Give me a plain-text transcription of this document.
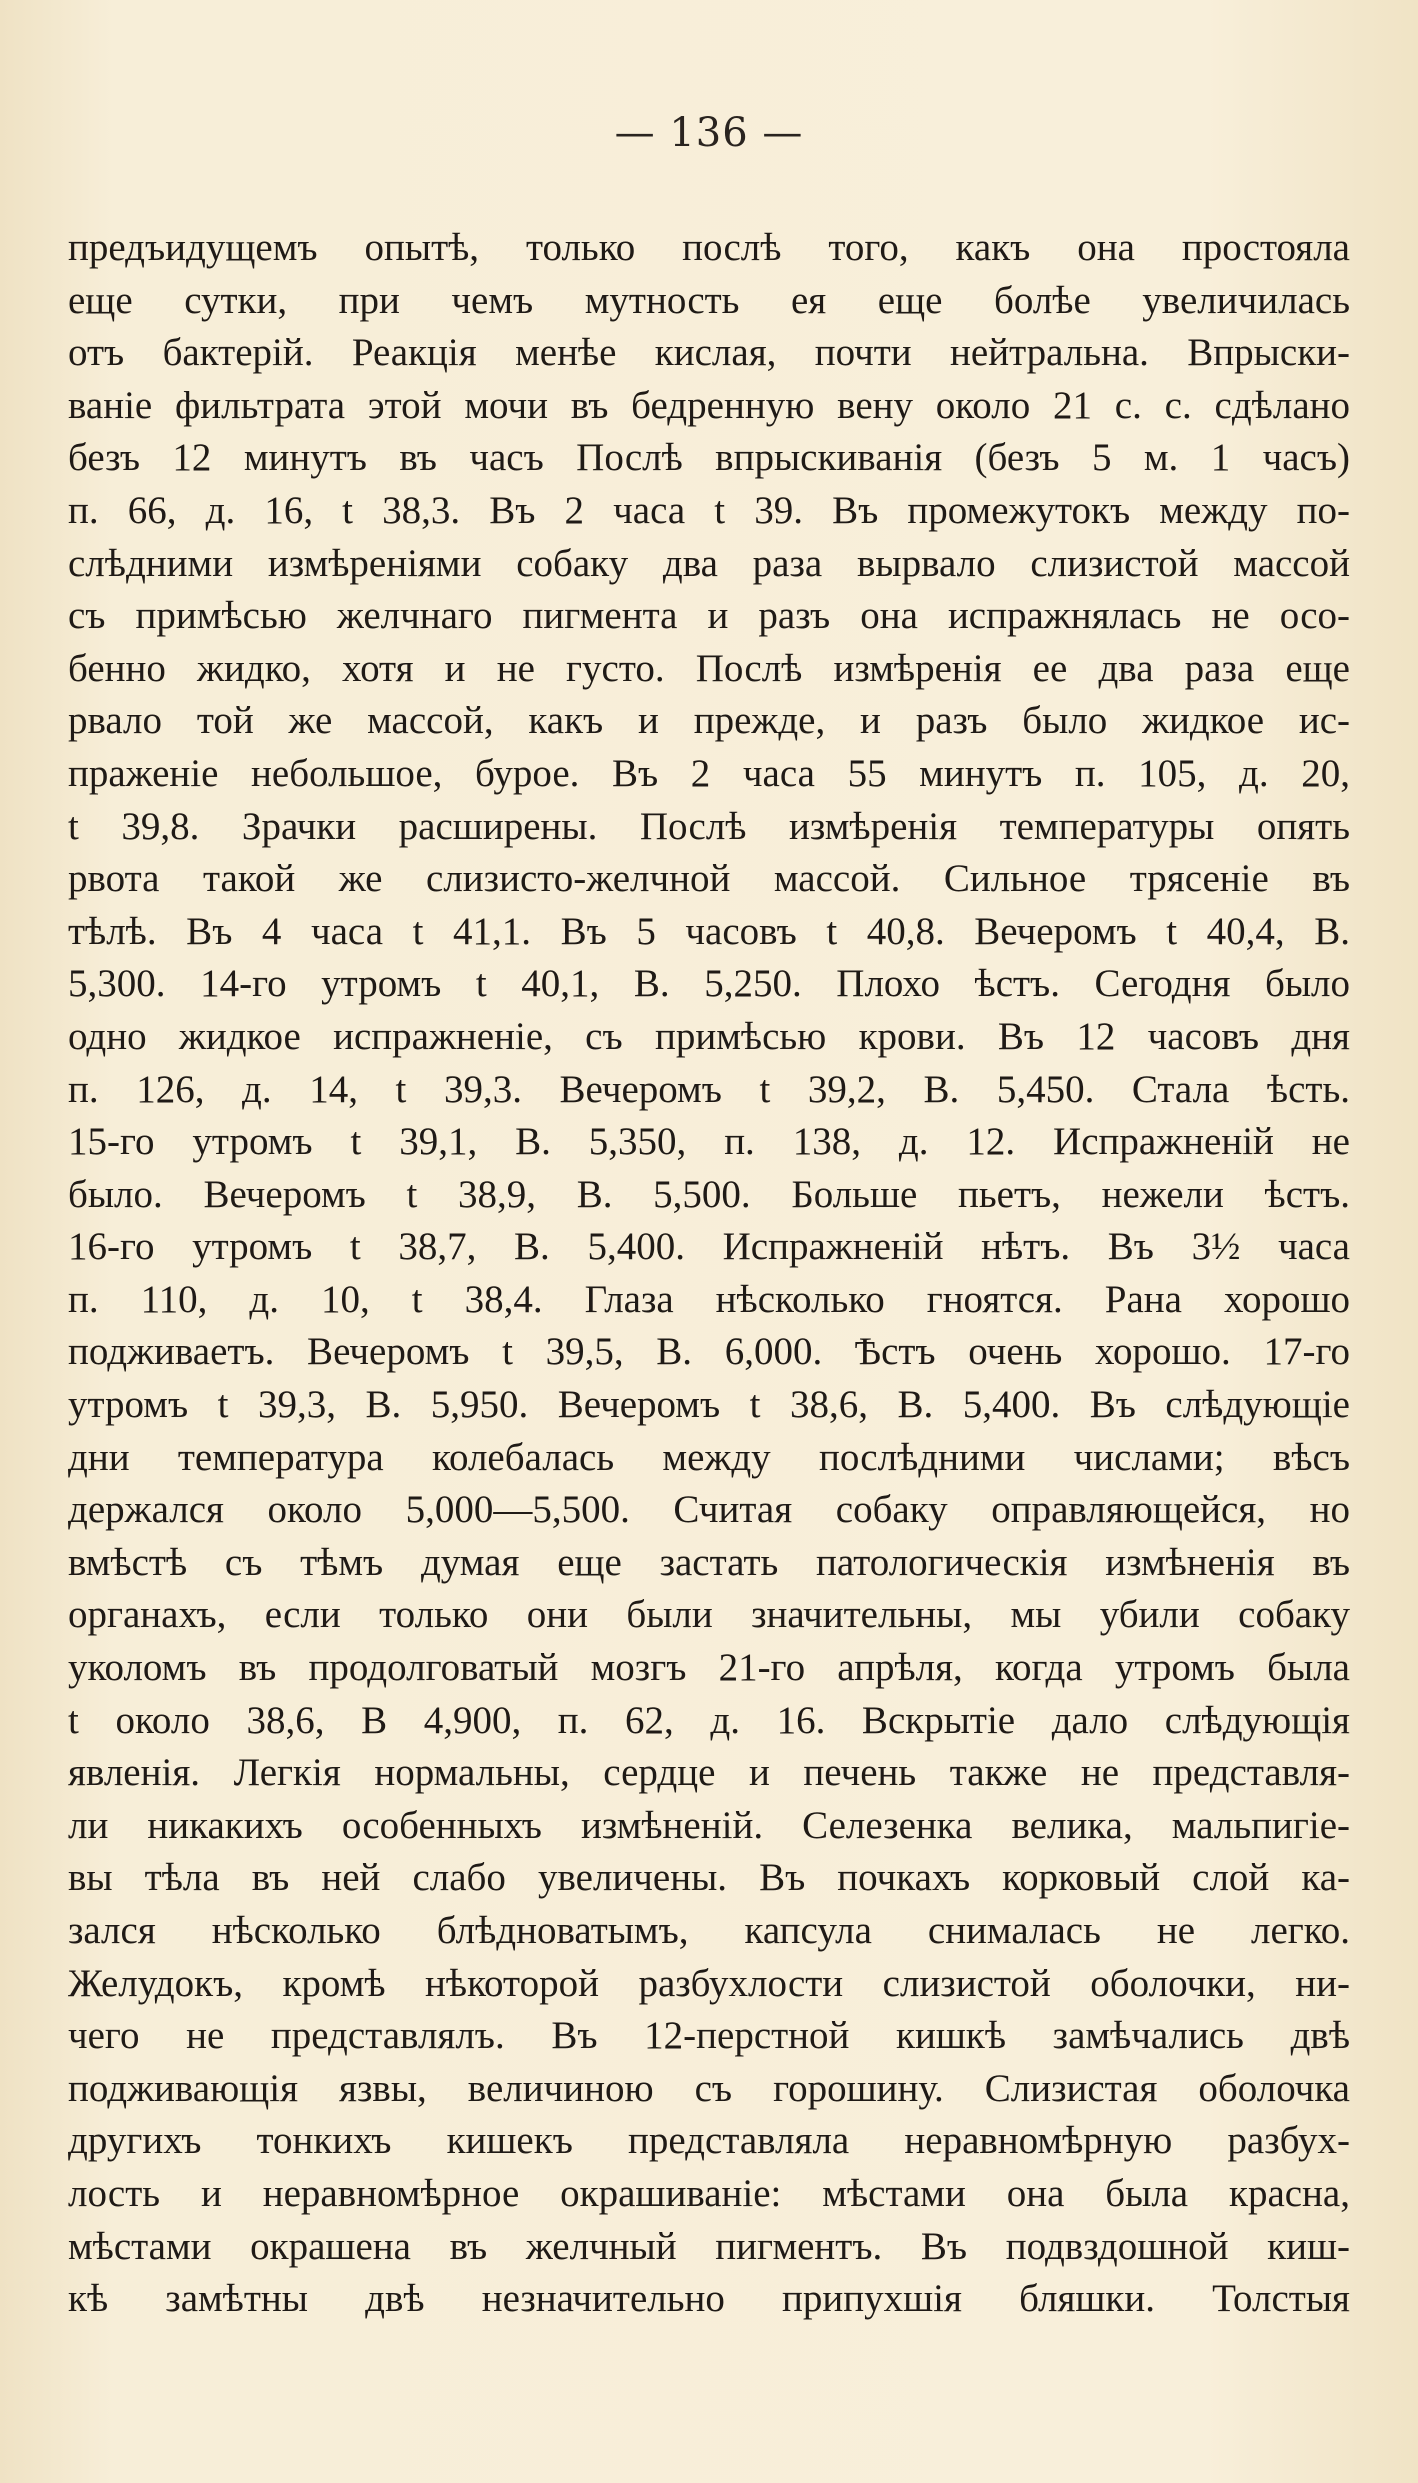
— 136 —
предъидущемъ опытѣ, только послѣ того, какъ она простояла
еще сутки, при чемъ мутность ея еще болѣе увеличилась
отъ бактерій. Реакція менѣе кислая, почти нейтральна. Впрыски-
ваніе фильтрата этой мочи въ бедренную вену около 21 с. с. сдѣлано
безъ 12 минутъ въ часъ Послѣ впрыскиванія (безъ 5 м. 1 часъ)
п. 66, д. 16, t 38,3. Въ 2 часа t 39. Въ промежутокъ между по-
слѣдними измѣреніями собаку два раза вырвало слизистой массой
съ примѣсью желчнаго пигмента и разъ она испражнялась не осо-
бенно жидко, хотя и не густо. Послѣ измѣренія ее два раза еще
рвало той же массой, какъ и прежде, и разъ было жидкое ис-
праженіе небольшое, бурое. Въ 2 часа 55 минутъ п. 105, д. 20,
t 39,8. Зрачки расширены. Послѣ измѣренія температуры опять
рвота такой же слизисто-желчной массой. Сильное трясеніе въ
тѣлѣ. Въ 4 часа t 41,1. Въ 5 часовъ t 40,8. Вечеромъ t 40,4, В.
5,300. 14-го утромъ t 40,1, В. 5,250. Плохо ѣстъ. Сегодня было
одно жидкое испражненіе, съ примѣсью крови. Въ 12 часовъ дня
п. 126, д. 14, t 39,3. Вечеромъ t 39,2, В. 5,450. Стала ѣсть.
15-го утромъ t 39,1, В. 5,350, п. 138, д. 12. Испражненій не
было. Вечеромъ t 38,9, В. 5,500. Больше пьетъ, нежели ѣстъ.
16-го утромъ t 38,7, В. 5,400. Испражненій нѣтъ. Въ 3½ часа
п. 110, д. 10, t 38,4. Глаза нѣсколько гноятся. Рана хорошо
подживаетъ. Вечеромъ t 39,5, В. 6,000. Ѣстъ очень хорошо. 17-го
утромъ t 39,3, В. 5,950. Вечеромъ t 38,6, В. 5,400. Въ слѣдующіе
дни температура колебалась между послѣдними числами; вѣсъ
держался около 5,000—5,500. Считая собаку оправляющейся, но
вмѣстѣ съ тѣмъ думая еще застать патологическія измѣненія въ
органахъ, если только они были значительны, мы убили собаку
уколомъ въ продолговатый мозгъ 21-го апрѣля, когда утромъ была
t около 38,6, В 4,900, п. 62, д. 16. Вскрытіе дало слѣдующія
явленія. Легкія нормальны, сердце и печень также не представля-
ли никакихъ особенныхъ измѣненій. Селезенка велика, мальпигіе-
вы тѣла въ ней слабо увеличены. Въ почкахъ корковый слой ка-
зался нѣсколько блѣдноватымъ, капсула снималась не легко.
Желудокъ, кромѣ нѣкоторой разбухлости слизистой оболочки, ни-
чего не представлялъ. Въ 12-перстной кишкѣ замѣчались двѣ
подживающія язвы, величиною съ горошину. Слизистая оболочка
другихъ тонкихъ кишекъ представляла неравномѣрную разбух-
лость и неравномѣрное окрашиваніе: мѣстами она была красна,
мѣстами окрашена въ желчный пигментъ. Въ подвздошной киш-
кѣ замѣтны двѣ незначительно припухшія бляшки. Толстыя
